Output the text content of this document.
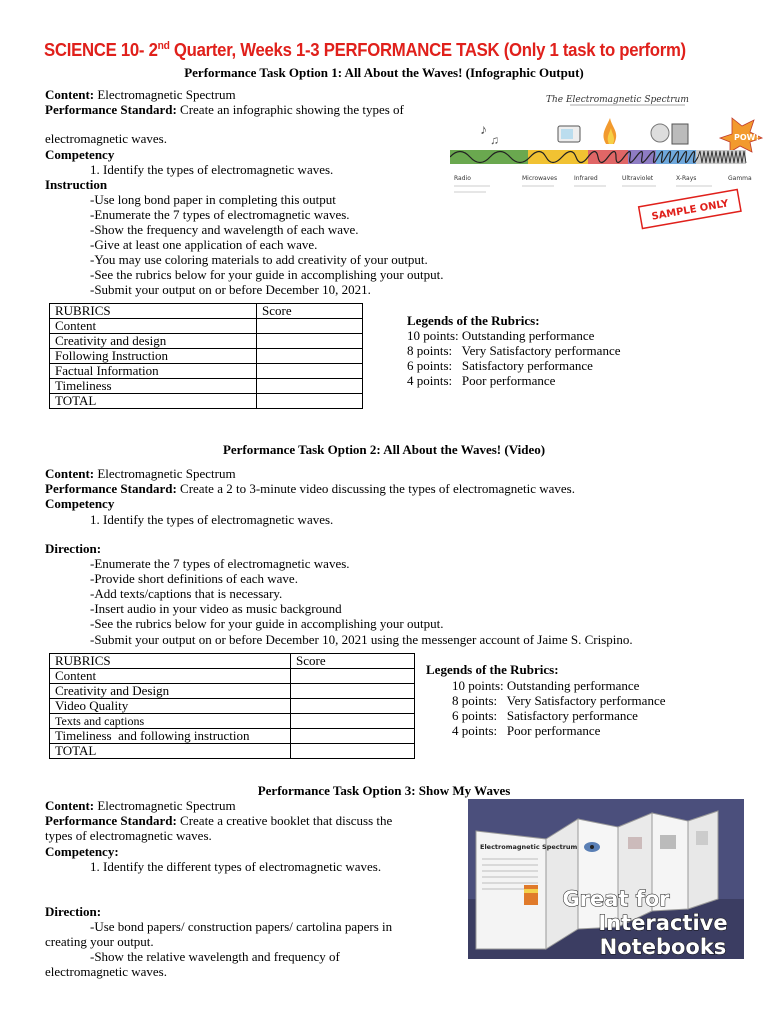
SCIENCE 10- 2nd Quarter, Weeks 1-3 PERFORMANCE TASK (Only 1 task to perform)
Performance Task Option 1: All About the Waves! (Infographic Output)
Content: Electromagnetic Spectrum
Performance Standard: Create an infographic showing the types of
electromagnetic waves.
Competency
1. Identify the types of electromagnetic waves.
Instruction
-Use long bond paper in completing this output
-Enumerate the 7 types of electromagnetic waves.
-Show the frequency and wavelength of each wave.
-Give at least one application of each wave.
-You may use coloring materials to add creativity of your output.
-See the rubrics below for your guide in accomplishing your output.
-Submit your output on or before December 10, 2021.
The Electromagnetic Spectrum
♪
♫	POW!
Radio	Microwaves	Infrared	Ultraviolet	X-Rays	Gamma
SAMPLE ONLY
RUBRICS	Score
Content	
Creativity and design	
Following Instruction	
Factual Information	
Timeliness	
TOTAL	
Legends of the Rubrics:
10 points: Outstanding performance
8 points:   Very Satisfactory performance
6 points:   Satisfactory performance
4 points:   Poor performance
Performance Task Option 2: All About the Waves! (Video)
Content: Electromagnetic Spectrum
Performance Standard: Create a 2 to 3-minute video discussing the types of electromagnetic waves.
Competency
1. Identify the types of electromagnetic waves.
Direction:
-Enumerate the 7 types of electromagnetic waves.
-Provide short definitions of each wave.
-Add texts/captions that is necessary.
-Insert audio in your video as music background
-See the rubrics below for your guide in accomplishing your output.
-Submit your output on or before December 10, 2021 using the messenger account of Jaime S. Crispino.
RUBRICS	Score
Content	
Creativity and Design	
Video Quality	
Texts and captions	
Timeliness  and following instruction	
TOTAL	
Legends of the Rubrics:
10 points: Outstanding performance
8 points:   Very Satisfactory performance
6 points:   Satisfactory performance
4 points:   Poor performance
Performance Task Option 3: Show My Waves
Content: Electromagnetic Spectrum
Performance Standard: Create a creative booklet that discuss the
types of electromagnetic waves.
Competency:
1. Identify the different types of electromagnetic waves.
Direction:
-Use bond papers/ construction papers/ cartolina papers in
creating your output.
-Show the relative wavelength and frequency of
electromagnetic waves.
Electromagnetic Spectrum
Great for
Interactive
Notebooks
